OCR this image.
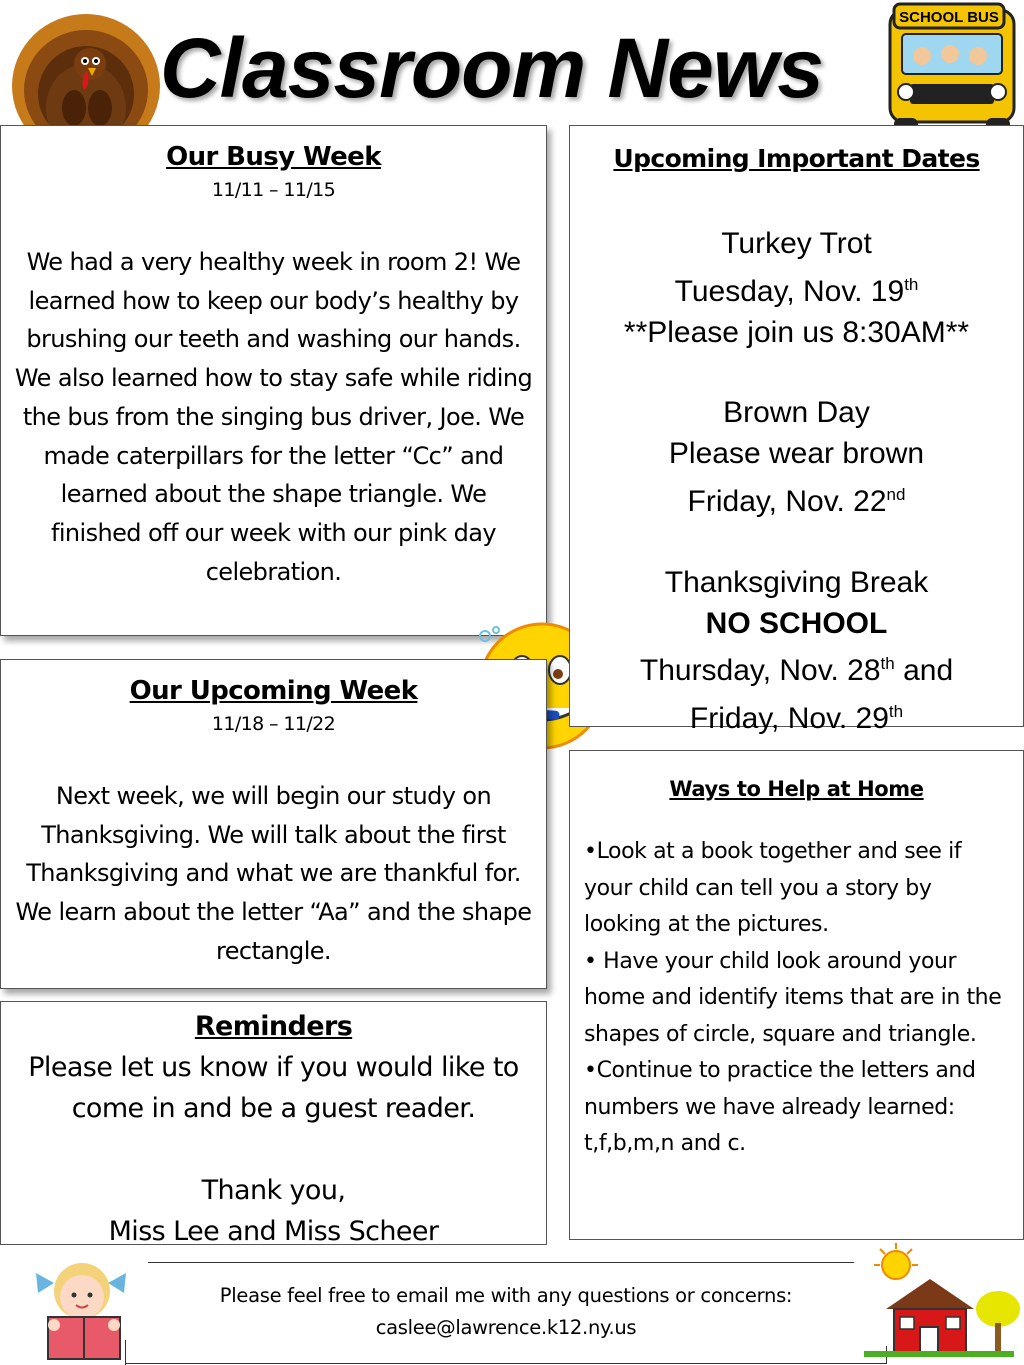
Classroom News
SCHOOL BUS
Our Busy Week
11/11 – 11/15
We had a very healthy week in room 2! We learned how to keep our body’s healthy by brushing our teeth and washing our hands. We also learned how to stay safe while riding the bus from the singing bus driver, Joe. We made caterpillars for the letter “Cc” and learned about the shape triangle. We finished off our week with our pink day celebration.
Our Upcoming Week
11/18 – 11/22
Next week, we will begin our study on Thanksgiving. We will talk about the first Thanksgiving and what we are thankful for. We learn about the letter “Aa” and the shape rectangle.
Reminders
Please let us know if you would like to come in and be a guest reader.
Thank you,
Miss Lee and Miss Scheer
Upcoming Important Dates
Turkey Trot
Tuesday, Nov. 19th
**Please join us 8:30AM**
Brown Day
Please wear brown
Friday, Nov. 22nd
Thanksgiving Break
NO SCHOOL
Thursday, Nov. 28th and
Friday, Nov. 29th
Ways to Help at Home

•Look at a book together and see if your child can tell you a story by looking at the pictures.

• Have your child look around your home and identify items that are in the shapes of circle, square and triangle.

•Continue to practice the letters and numbers we have already learned: t,f,b,m,n and c.

Please feel free to email me with any questions or concerns:
caslee@lawrence.k12.ny.us
